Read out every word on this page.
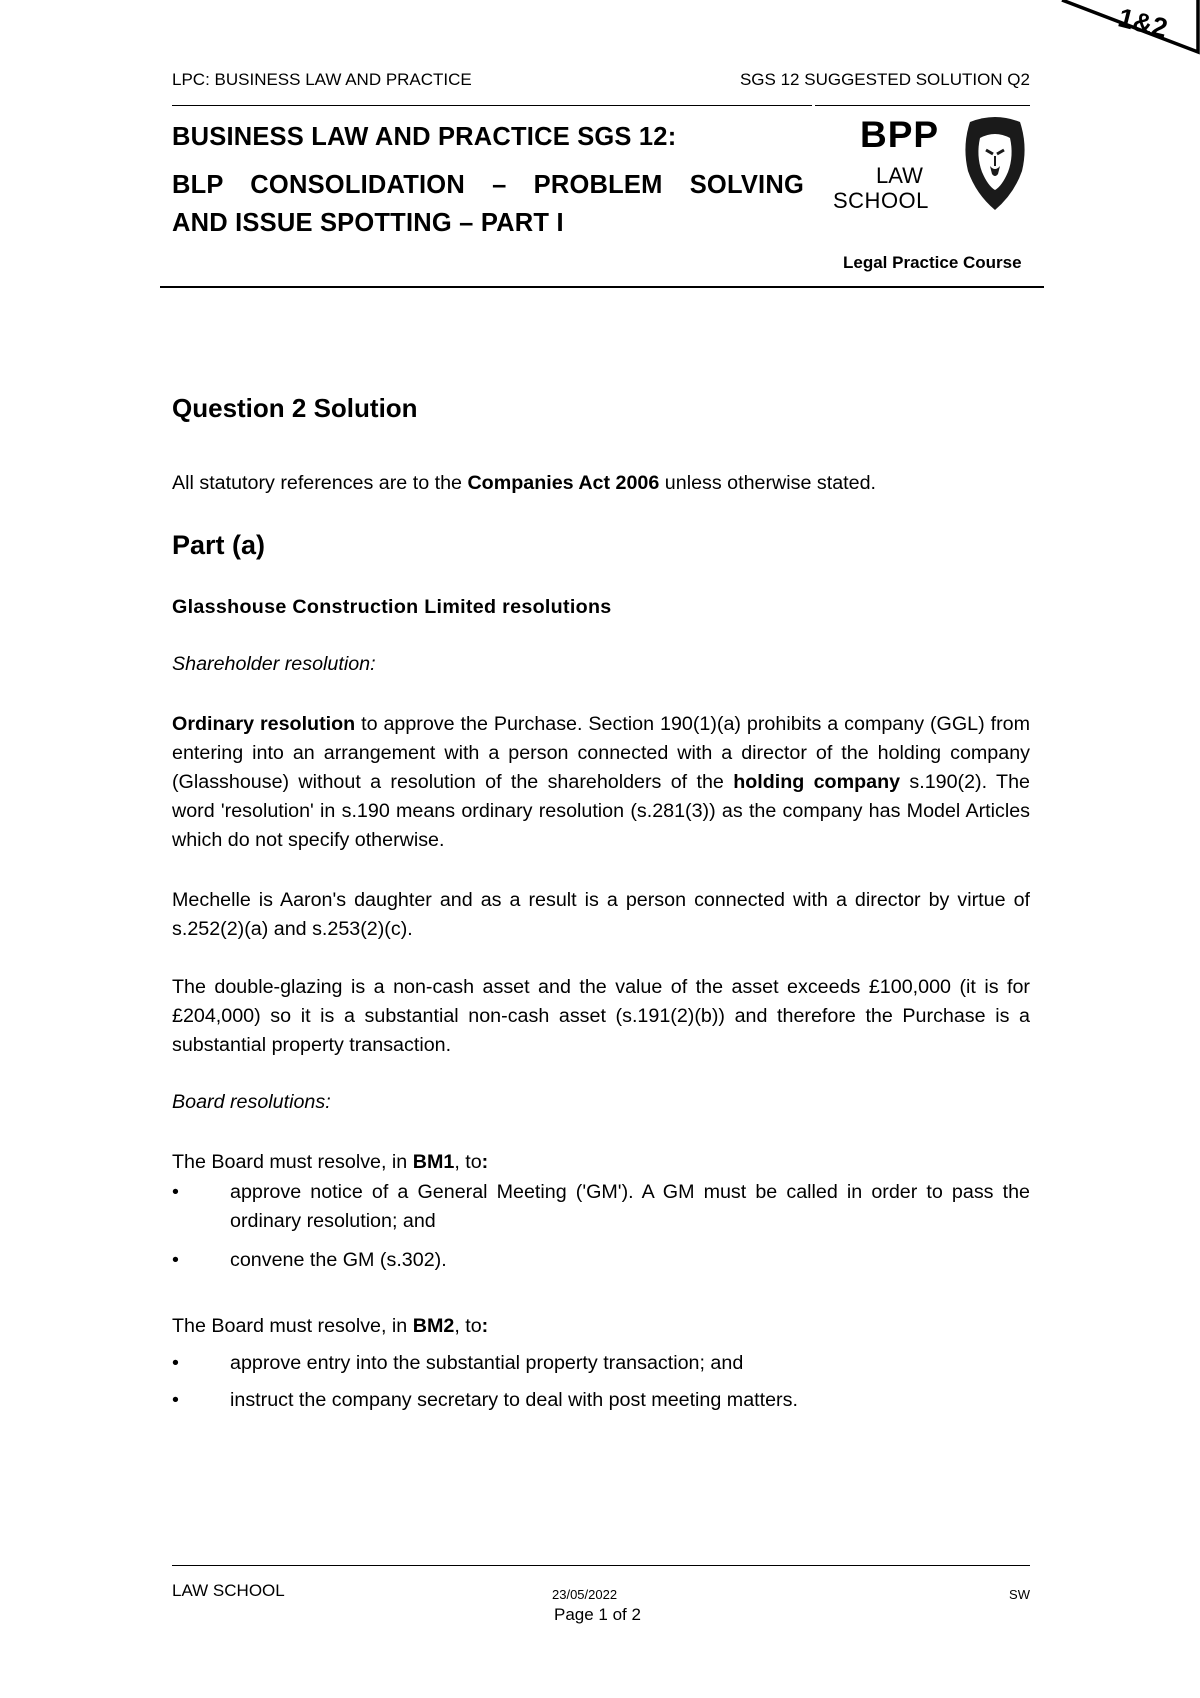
1&2
LPC: BUSINESS LAW AND PRACTICE	SGS 12 SUGGESTED SOLUTION Q2
BUSINESS LAW AND PRACTICE SGS 12:
BLP CONSOLIDATION – PROBLEM SOLVING
AND ISSUE SPOTTING – PART I
BPP
LAW
SCHOOL
Legal Practice Course
Question 2 Solution

All statutory references are to the Companies Act 2006 unless otherwise stated.

Part (a)
Glasshouse Construction Limited resolutions
Shareholder resolution:

Ordinary resolution to approve the Purchase. Section 190(1)(a) prohibits a company (GGL) from entering into an arrangement with a person connected with a director of the holding company (Glasshouse) without a resolution of the shareholders of the holding company s.190(2). The word 'resolution' in s.190 means ordinary resolution (s.281(3)) as the company has Model Articles which do not specify otherwise.

Mechelle is Aaron's daughter and as a result is a person connected with a director by virtue of s.252(2)(a) and s.253(2)(c).

The double-glazing is a non-cash asset and the value of the asset exceeds £100,000 (it is for £204,000) so it is a substantial non-cash asset (s.191(2)(b)) and therefore the Purchase is a substantial property transaction.

Board resolutions:

The Board must resolve, in BM1, to:

•	approve notice of a General Meeting ('GM'). A GM must be called in order to pass the ordinary resolution; and
•	convene the GM (s.302).

The Board must resolve, in BM2, to:

•	approve entry into the substantial property transaction; and
•	instruct the company secretary to deal with post meeting matters.
LAW SCHOOL	23/05/2022	SW
Page 1 of 2
